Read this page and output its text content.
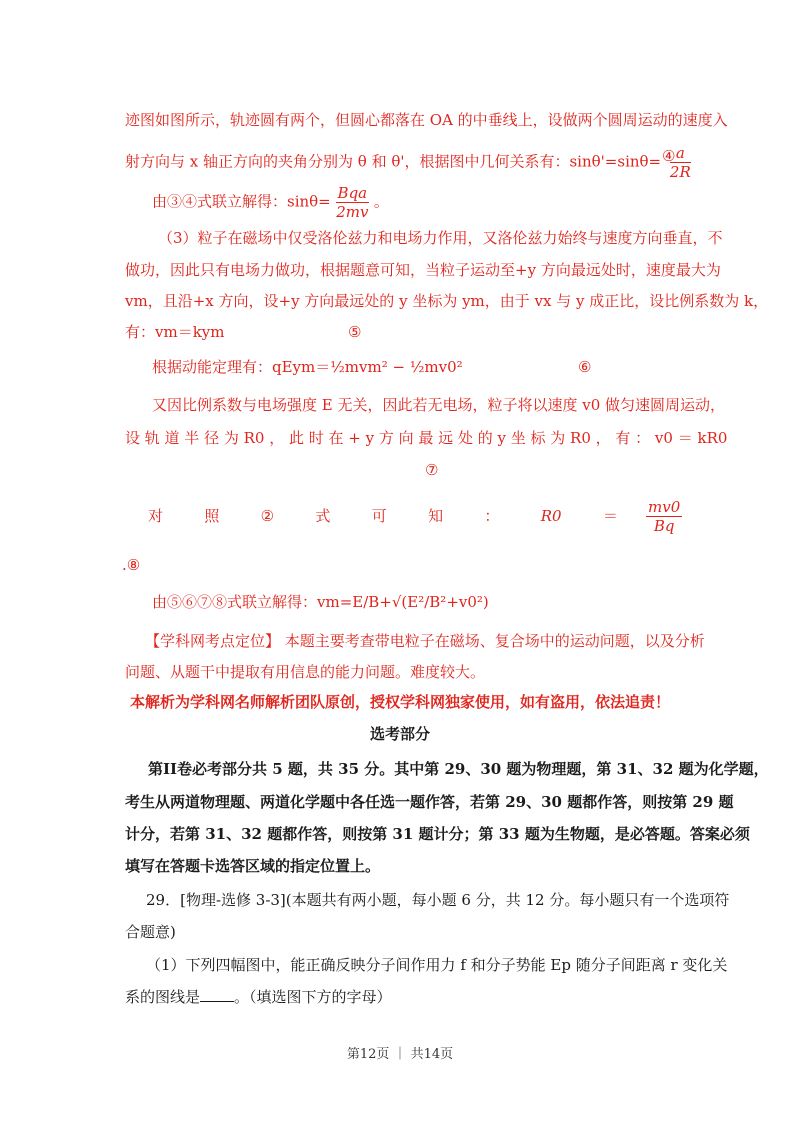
迹图如图所示，轨迹圆有两个，但圆心都落在 OA 的中垂线上，设做两个圆周运动的速度入
射方向与 x 轴正方向的夹角分别为 θ 和 θ'，根据图中几何关系有：$\sin\theta'=\sin\theta= \frac{a}{2R}$
④
由③④式联立解得：$\sin\theta= \frac{\text{Bqa}}{2mv}$ 。
（3）粒子在磁场中仅受洛伦兹力和电场力作用，又洛伦兹力始终与速度方向垂直，不
做功，因此只有电场力做功，根据题意可知，当粒子运动至+y 方向最远处时，速度最大为
vm，且沿+x 方向，设+y 方向最远处的 y 坐标为 ym，由于 vx 与 y 成正比，设比例系数为 k，
有：vm＝kym	⑤
根据动能定理有：qEym＝½mvm² − ½mv0²	⑥
又因比例系数与电场强度 E 无关，因此若无电场，粒子将以速度 v0 做匀速圆周运动，
设 轨 道 半 径 为 R0 ， 此 时 在 + y 方 向 最 远 处 的 y 坐 标 为 R0 ， 有 ： v0 ＝ kR0
⑦
对	照	②	式	可	知	：	R0	＝ $\frac{mv0}{Bq}$
.⑧
由⑤⑥⑦⑧式联立解得：vm=E/B+√(E²/B²+v0²)
【学科网考点定位】 本题主要考查带电粒子在磁场、复合场中的运动问题，以及分析
问题、从题干中提取有用信息的能力问题。难度较大。
本解析为学科网名师解析团队原创，授权学科网独家使用，如有盗用，依法追责！
选考部分
第II卷必考部分共 5 题，共 35 分。其中第 29、30 题为物理题，第 31、32 题为化学题，
考生从两道物理题、两道化学题中各任选一题作答，若第 29、30 题都作答，则按第 29 题
计分，若第 31、32 题都作答，则按第 31 题计分；第 33 题为生物题，是必答题。答案必须
填写在答题卡选答区域的指定位置上。
29．[物理-选修 3-3](本题共有两小题，每小题 6 分，共 12 分。每小题只有一个选项符
合题意)
（1）下列四幅图中，能正确反映分子间作用力 f 和分子势能 Ep 随分子间距离 r 变化关
系的图线是 。（填选图下方的字母）
第12页 ｜ 共14页
